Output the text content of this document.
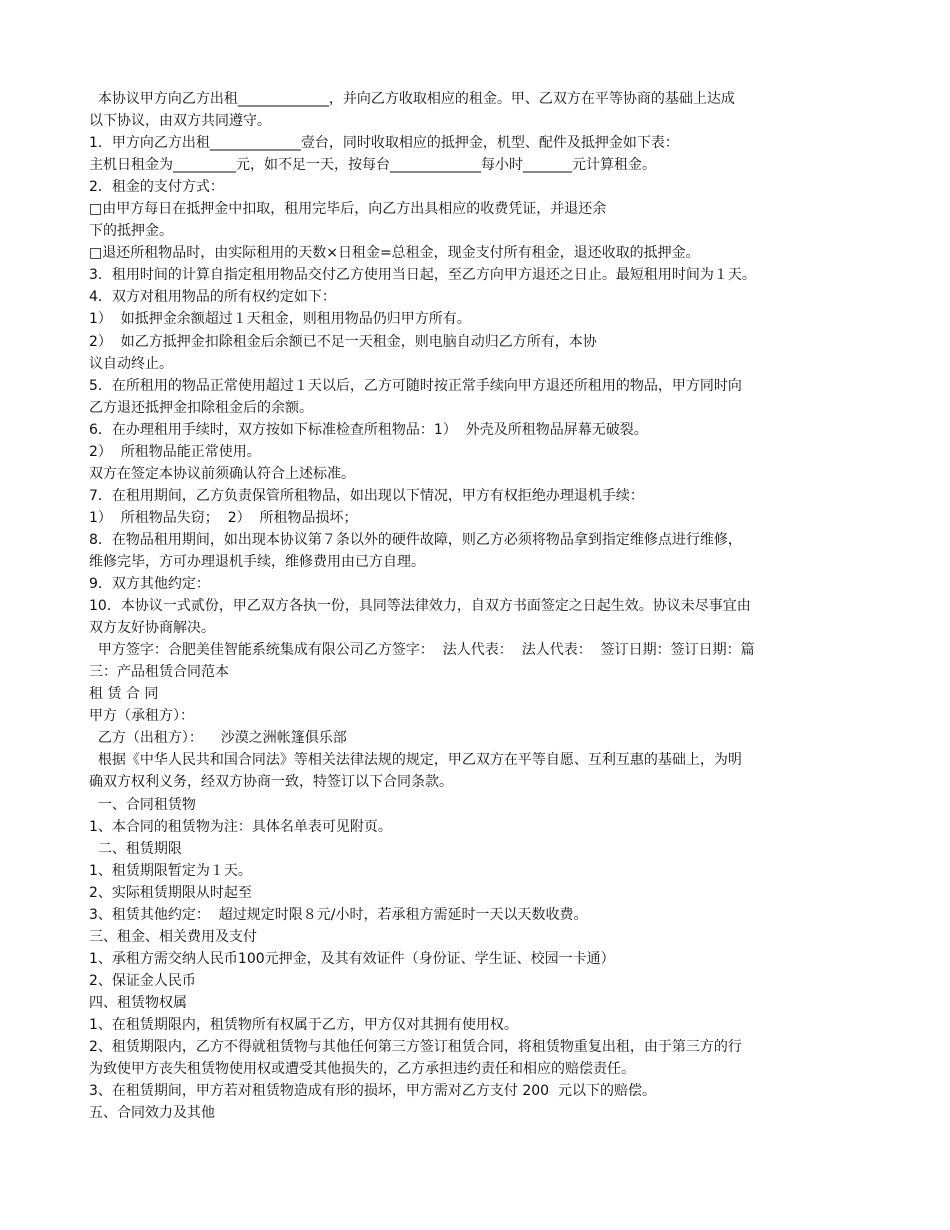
本协议甲方向乙方出租_____________，并向乙方收取相应的租金。甲、乙双方在平等协商的基础上达成
以下协议，由双方共同遵守。
1．甲方向乙方出租_____________壹台，同时收取相应的抵押金，机型、配件及抵押金如下表：
主机日租金为_________元，如不足一天，按每台_____________每小时_______元计算租金。
2．租金的支付方式：
□由甲方每日在抵押金中扣取，租用完毕后，向乙方出具相应的收费凭证，并退还余
下的抵押金。
□退还所租物品时，由实际租用的天数×日租金=总租金，现金支付所有租金，退还收取的抵押金。
3．租用时间的计算自指定租用物品交付乙方使用当日起，至乙方向甲方退还之日止。最短租用时间为１天。
4．双方对租用物品的所有权约定如下：
1）  如抵押金余额超过１天租金，则租用物品仍归甲方所有。
2）  如乙方抵押金扣除租金后余额已不足一天租金，则电脑自动归乙方所有，本协
议自动终止。
5．在所租用的物品正常使用超过１天以后，乙方可随时按正常手续向甲方退还所租用的物品，甲方同时向
乙方退还抵押金扣除租金后的余额。
6．在办理租用手续时，双方按如下标准检查所租物品：1）  外壳及所租物品屏幕无破裂。
2）  所租物品能正常使用。
双方在签定本协议前须确认符合上述标准。
7．在租用期间，乙方负责保管所租物品，如出现以下情况，甲方有权拒绝办理退机手续：
1）  所租物品失窃；  2）  所租物品损坏；
8．在物品租用期间，如出现本协议第７条以外的硬件故障，则乙方必须将物品拿到指定维修点进行维修，
维修完毕，方可办理退机手续，维修费用由已方自理。
9．双方其他约定：
10．本协议一式贰份，甲乙双方各执一份，具同等法律效力，自双方书面签定之日起生效。协议未尽事宜由
双方友好协商解决。
甲方签字：合肥美佳智能系统集成有限公司乙方签字：  法人代表：  法人代表：  签订日期：签订日期：篇
三：产品租赁合同范本
租 赁 合 同
甲方（承租方）：
乙方（出租方）：    沙漠之洲帐篷俱乐部
根据《中华人民共和国合同法》等相关法律法规的规定，甲乙双方在平等自愿、互利互惠的基础上，为明
确双方权利义务，经双方协商一致，特签订以下合同条款。
一、合同租赁物
1、本合同的租赁物为注：具体名单表可见附页。
二、租赁期限
1、租赁期限暂定为１天。
2、实际租赁期限从时起至
3、租赁其他约定：  超过规定时限８元/小时，若承租方需延时一天以天数收费。
三、租金、相关费用及支付
1、承租方需交纳人民币100元押金，及其有效证件（身份证、学生证、校园一卡通）
2、保证金人民币
四、租赁物权属
1、在租赁期限内，租赁物所有权属于乙方，甲方仅对其拥有使用权。
2、租赁期限内，乙方不得就租赁物与其他任何第三方签订租赁合同，将租赁物重复出租，由于第三方的行
为致使甲方丧失租赁物使用权或遭受其他损失的，乙方承担违约责任和相应的赔偿责任。
3、在租赁期间，甲方若对租赁物造成有形的损坏，甲方需对乙方支付 200  元以下的赔偿。
五、合同效力及其他
